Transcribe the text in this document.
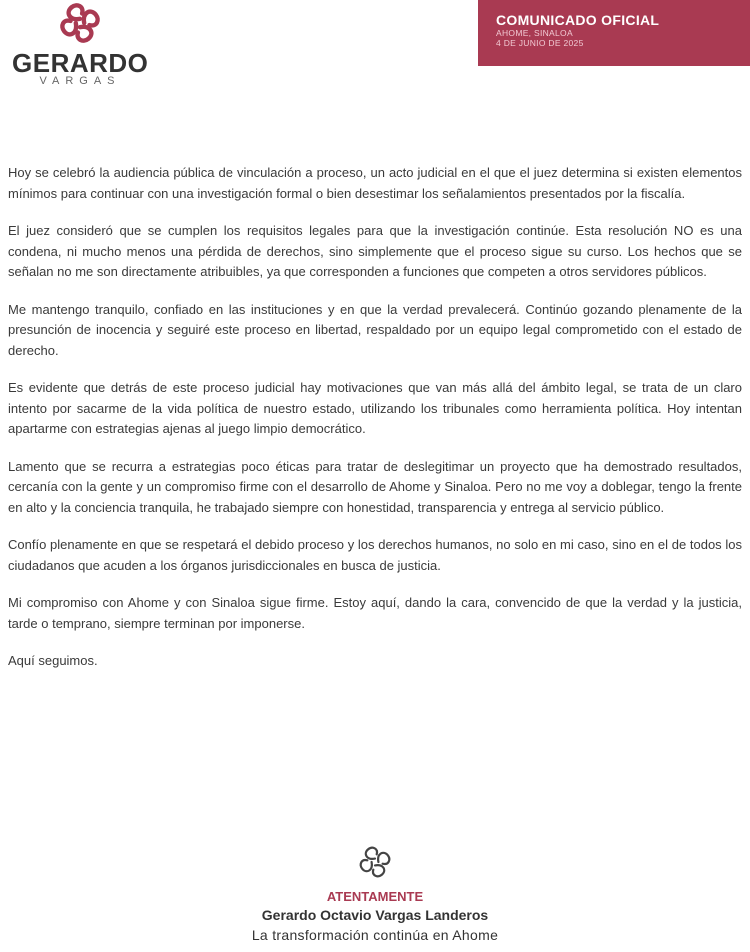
GERARDO
VARGAS
COMUNICADO OFICIAL
AHOME, SINALOA
4 DE JUNIO DE 2025

Hoy se celebró la audiencia pública de vinculación a proceso, un acto judicial en el que el juez determina si existen elementos mínimos para continuar con una investigación formal o bien desestimar los señalamientos presentados por la fiscalía.

El juez consideró que se cumplen los requisitos legales para que la investigación continúe. Esta resolución NO es una condena, ni mucho menos una pérdida de derechos, sino simplemente que el proceso sigue su curso. Los hechos que se señalan no me son directamente atribuibles, ya que corresponden a funciones que competen a otros servidores públicos.

Me mantengo tranquilo, confiado en las instituciones y en que la verdad prevalecerá. Continúo gozando plenamente de la presunción de inocencia y seguiré este proceso en libertad, respaldado por un equipo legal comprometido con el estado de derecho.

Es evidente que detrás de este proceso judicial hay motivaciones que van más allá del ámbito legal, se trata de un claro intento por sacarme de la vida política de nuestro estado, utilizando los tribunales como herramienta política. Hoy intentan apartarme con estrategias ajenas al juego limpio democrático.

Lamento que se recurra a estrategias poco éticas para tratar de deslegitimar un proyecto que ha demostrado resultados, cercanía con la gente y un compromiso firme con el desarrollo de Ahome y Sinaloa. Pero no me voy a doblegar, tengo la frente en alto y la conciencia tranquila, he trabajado siempre con honestidad, transparencia y entrega al servicio público.

Confío plenamente en que se respetará el debido proceso y los derechos humanos, no solo en mi caso, sino en el de todos los ciudadanos que acuden a los órganos jurisdiccionales en busca de justicia.

Mi compromiso con Ahome y con Sinaloa sigue firme. Estoy aquí, dando la cara, convencido de que la verdad y la justicia, tarde o temprano, siempre terminan por imponerse.

Aquí seguimos.

ATENTAMENTE
Gerardo Octavio Vargas Landeros
La transformación continúa en Ahome
